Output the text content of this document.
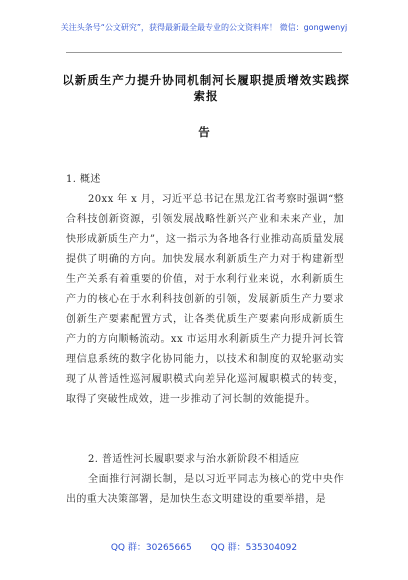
关注头条号“公文研究”，获得最新最全最专业的公文资料库！ 微信：gongwenyj
以新质生产力提升协同机制河长履职提质增效实践探索报
告
1. 概述
20xx 年 x 月，习近平总书记在黑龙江省考察时强调“整合科技创新资源，引领发展战略性新兴产业和未来产业，加快形成新质生产力”，这一指示为各地各行业推动高质量发展提供了明确的方向。加快发展水利新质生产力对于构建新型生产关系有着重要的价值，对于水利行业来说，水利新质生产力的核心在于水利科技创新的引领，发展新质生产力要求创新生产要素配置方式，让各类优质生产要素向形成新质生产力的方向顺畅流动。xx 市运用水利新质生产力提升河长管理信息系统的数字化协同能力，以技术和制度的双轮驱动实现了从普适性巡河履职模式向差异化巡河履职模式的转变，取得了突破性成效，进一步推动了河长制的效能提升。
2. 普适性河长履职要求与治水新阶段不相适应
全面推行河湖长制，是以习近平同志为核心的党中央作出的重大决策部署，是加快生态文明建设的重要举措，是
QQ 群：30265665 QQ 群：535304092
